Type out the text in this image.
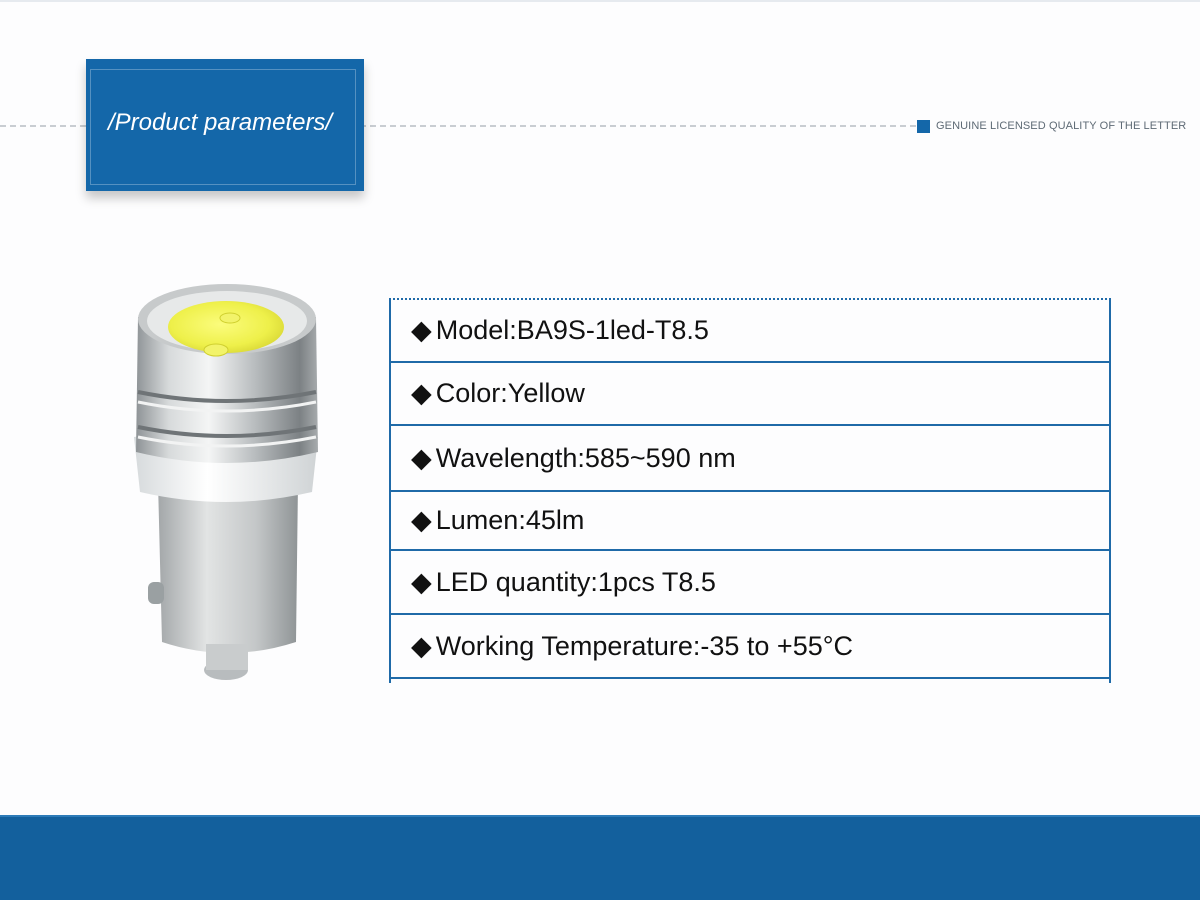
/Product parameters/	GENUINE LICENSED QUALITY OF THE LETTER
◆ Model:BA9S-1led-T8.5
◆ Color:Yellow
◆ Wavelength:585~590 nm
◆ Lumen:45lm
◆ LED quantity:1pcs T8.5
◆ Working Temperature:-35 to +55°C
